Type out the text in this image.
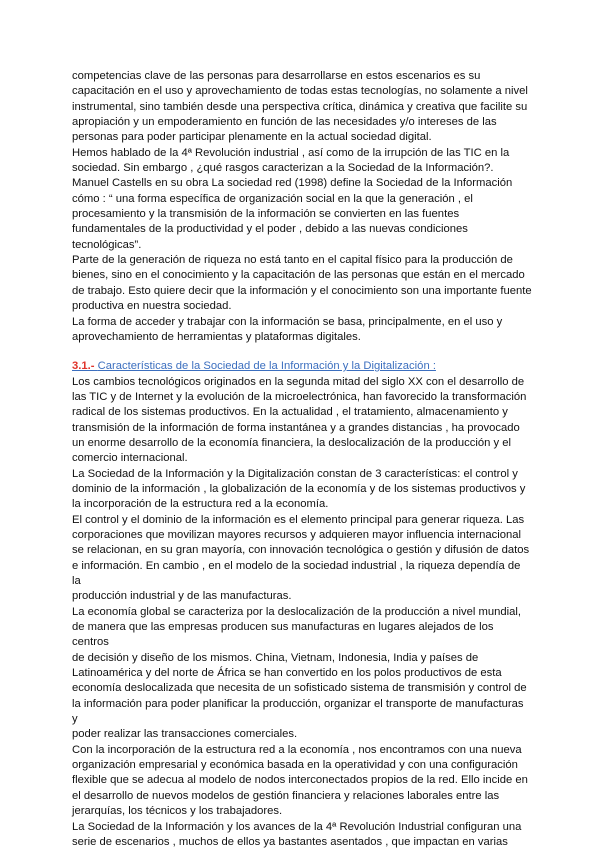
competencias clave de las personas para desarrollarse en estos escenarios es su
capacitación en el uso y aprovechamiento de todas estas tecnologías, no solamente a nivel
instrumental, sino también desde una perspectiva crítica, dinámica y creativa que facilite su
apropiación y un empoderamiento en función de las necesidades y/o intereses de las
personas para poder participar plenamente en la actual sociedad digital.

Hemos hablado de la 4ª Revolución industrial , así como de la irrupción de las TIC en la
sociedad. Sin embargo , ¿qué rasgos caracterizan a la Sociedad de la Información?.

Manuel Castells en su obra La sociedad red (1998) define la Sociedad de la Información
cómo : “ una forma específica de organización social en la que la generación , el
procesamiento y la transmisión de la información se convierten en las fuentes
fundamentales de la productividad y el poder , debido a las nuevas condiciones
tecnológicas”.

Parte de la generación de riqueza no está tanto en el capital físico para la producción de
bienes, sino en el conocimiento y la capacitación de las personas que están en el mercado
de trabajo. Esto quiere decir que la información y el conocimiento son una importante fuente
productiva en nuestra sociedad.

La forma de acceder y trabajar con la información se basa, principalmente, en el uso y
aprovechamiento de herramientas y plataformas digitales.

3.1.- Características de la Sociedad de la Información y la Digitalización :

Los cambios tecnológicos originados en la segunda mitad del siglo XX con el desarrollo de
las TIC y de Internet y la evolución de la microelectrónica, han favorecido la transformación
radical de los sistemas productivos. En la actualidad , el tratamiento, almacenamiento y
transmisión de la información de forma instantánea y a grandes distancias , ha provocado
un enorme desarrollo de la economía financiera, la deslocalización de la producción y el
comercio internacional.

La Sociedad de la Información y la Digitalización constan de 3 características: el control y
dominio de la información , la globalización de la economía y de los sistemas productivos y
la incorporación de la estructura red a la economía.

El control y el dominio de la información es el elemento principal para generar riqueza. Las
corporaciones que movilizan mayores recursos y adquieren mayor influencia internacional
se relacionan, en su gran mayoría, con innovación tecnológica o gestión y difusión de datos
e información. En cambio , en el modelo de la sociedad industrial , la riqueza dependía de la
producción industrial y de las manufacturas.

La economía global se caracteriza por la deslocalización de la producción a nivel mundial,
de manera que las empresas producen sus manufacturas en lugares alejados de los centros
de decisión y diseño de los mismos. China, Vietnam, Indonesia, India y países de
Latinoamérica y del norte de África se han convertido en los polos productivos de esta
economía deslocalizada que necesita de un sofisticado sistema de transmisión y control de
la información para poder planificar la producción, organizar el transporte de manufacturas y
poder realizar las transacciones comerciales.

Con la incorporación de la estructura red a la economía , nos encontramos con una nueva
organización empresarial y económica basada en la operatividad y con una configuración
flexible que se adecua al modelo de nodos interconectados propios de la red. Ello incide en
el desarrollo de nuevos modelos de gestión financiera y relaciones laborales entre las
jerarquías, los técnicos y los trabajadores.

La Sociedad de la Información y los avances de la 4ª Revolución Industrial configuran una
serie de escenarios , muchos de ellos ya bastantes asentados , que impactan en varias
